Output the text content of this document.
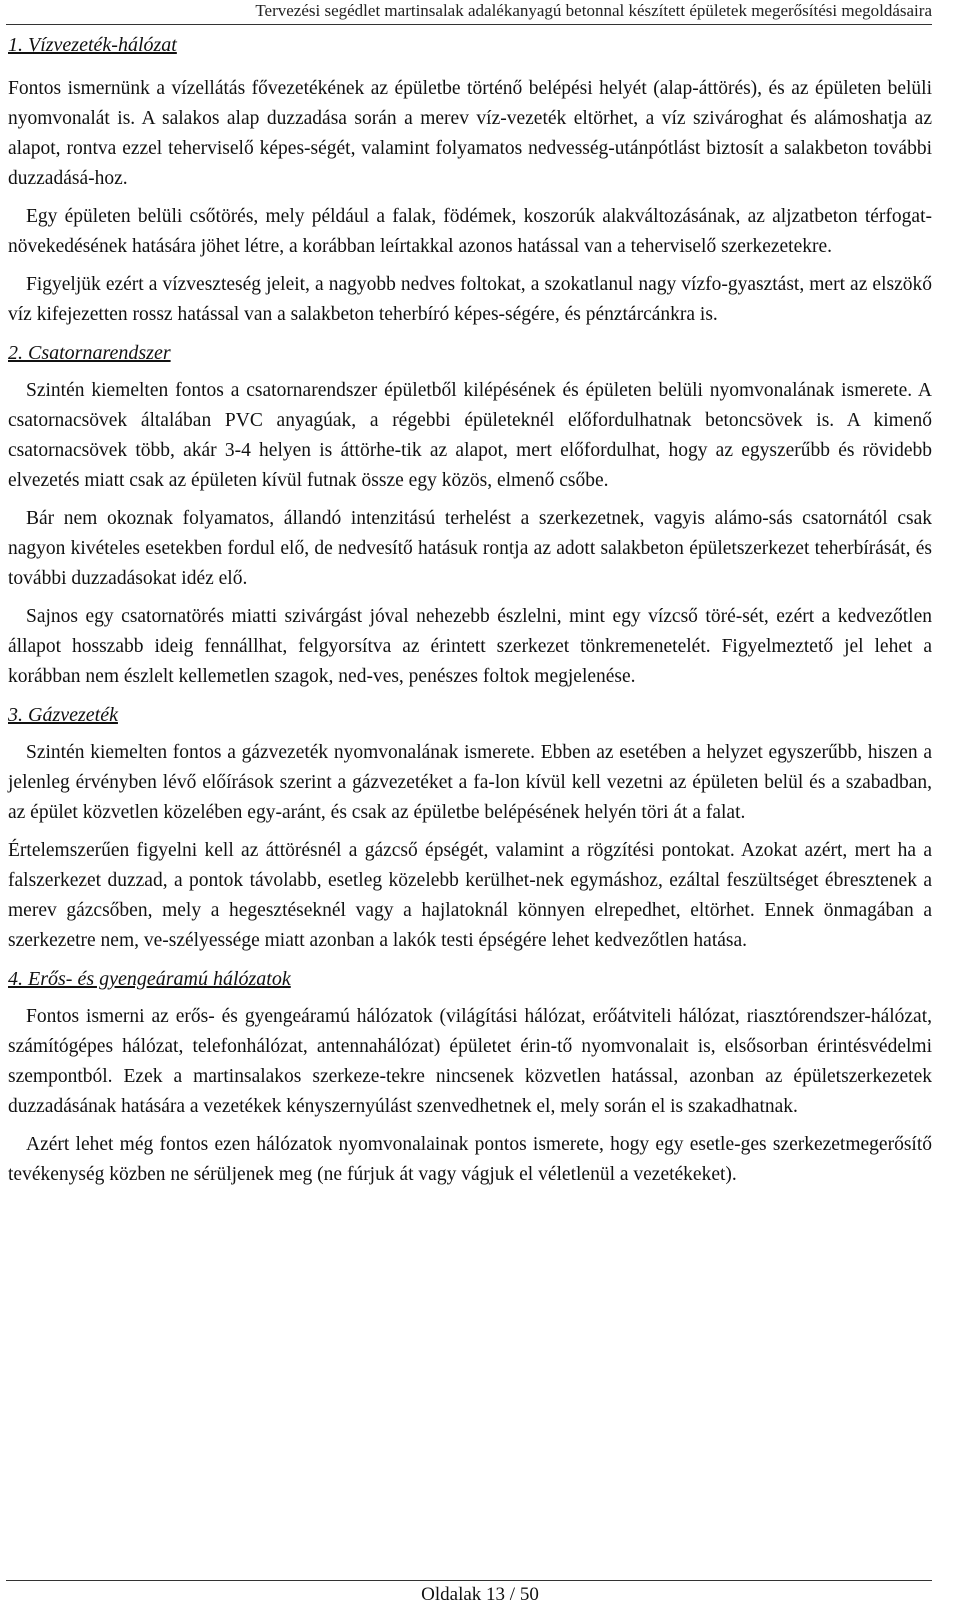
Tervezési segédlet martinsalak adalékanyagú betonnal készített épületek megerősítési megoldásaira
1. Vízvezeték-hálózat

Fontos ismernünk a vízellátás fővezetékének az épületbe történő belépési helyét (alap-áttörés), és az épületen belüli nyomvonalát is. A salakos alap duzzadása során a merev víz-vezeték eltörhet, a víz szivároghat és alámoshatja az alapot, rontva ezzel teherviselő képes-ségét, valamint folyamatos nedvesség-utánpótlást biztosít a salakbeton további duzzadásá-hoz.

Egy épületen belüli csőtörés, mely például a falak, födémek, koszorúk alakváltozásának, az aljzatbeton térfogat-növekedésének hatására jöhet létre, a korábban leírtakkal azonos hatással van a teherviselő szerkezetekre.

Figyeljük ezért a vízveszteség jeleit, a nagyobb nedves foltokat, a szokatlanul nagy vízfo-gyasztást, mert az elszökő víz kifejezetten rossz hatással van a salakbeton teherbíró képes-ségére, és pénztárcánkra is.

2. Csatornarendszer

Szintén kiemelten fontos a csatornarendszer épületből kilépésének és épületen belüli nyomvonalának ismerete. A csatornacsövek általában PVC anyagúak, a régebbi épületeknél előfordulhatnak betoncsövek is. A kimenő csatornacsövek több, akár 3-4 helyen is áttörhe-tik az alapot, mert előfordulhat, hogy az egyszerűbb és rövidebb elvezetés miatt csak az épületen kívül futnak össze egy közös, elmenő csőbe.

Bár nem okoznak folyamatos, állandó intenzitású terhelést a szerkezetnek, vagyis alámo-sás csatornától csak nagyon kivételes esetekben fordul elő, de nedvesítő hatásuk rontja az adott salakbeton épületszerkezet teherbírását, és további duzzadásokat idéz elő.

Sajnos egy csatornatörés miatti szivárgást jóval nehezebb észlelni, mint egy vízcső töré-sét, ezért a kedvezőtlen állapot hosszabb ideig fennállhat, felgyorsítva az érintett szerkezet tönkremenetelét. Figyelmeztető jel lehet a korábban nem észlelt kellemetlen szagok, ned-ves, penészes foltok megjelenése.

3. Gázvezeték

Szintén kiemelten fontos a gázvezeték nyomvonalának ismerete. Ebben az esetében a helyzet egyszerűbb, hiszen a jelenleg érvényben lévő előírások szerint a gázvezetéket a fa-lon kívül kell vezetni az épületen belül és a szabadban, az épület közvetlen közelében egy-aránt, és csak az épületbe belépésének helyén töri át a falat.

Értelemszerűen figyelni kell az áttörésnél a gázcső épségét, valamint a rögzítési pontokat. Azokat azért, mert ha a falszerkezet duzzad, a pontok távolabb, esetleg közelebb kerülhet-nek egymáshoz, ezáltal feszültséget ébresztenek a merev gázcsőben, mely a hegesztéseknél vagy a hajlatoknál könnyen elrepedhet, eltörhet. Ennek önmagában a szerkezetre nem, ve-szélyessége miatt azonban a lakók testi épségére lehet kedvezőtlen hatása.

4. Erős- és gyengeáramú hálózatok

Fontos ismerni az erős- és gyengeáramú hálózatok (világítási hálózat, erőátviteli hálózat, riasztórendszer-hálózat, számítógépes hálózat, telefonhálózat, antennahálózat) épületet érin-tő nyomvonalait is, elsősorban érintésvédelmi szempontból. Ezek a martinsalakos szerkeze-tekre nincsenek közvetlen hatással, azonban az épületszerkezetek duzzadásának hatására a vezetékek kényszernyúlást szenvedhetnek el, mely során el is szakadhatnak.

Azért lehet még fontos ezen hálózatok nyomvonalainak pontos ismerete, hogy egy esetle-ges szerkezetmegerősítő tevékenység közben ne sérüljenek meg (ne fúrjuk át vagy vágjuk el véletlenül a vezetékeket).

Oldalak 13 / 50
